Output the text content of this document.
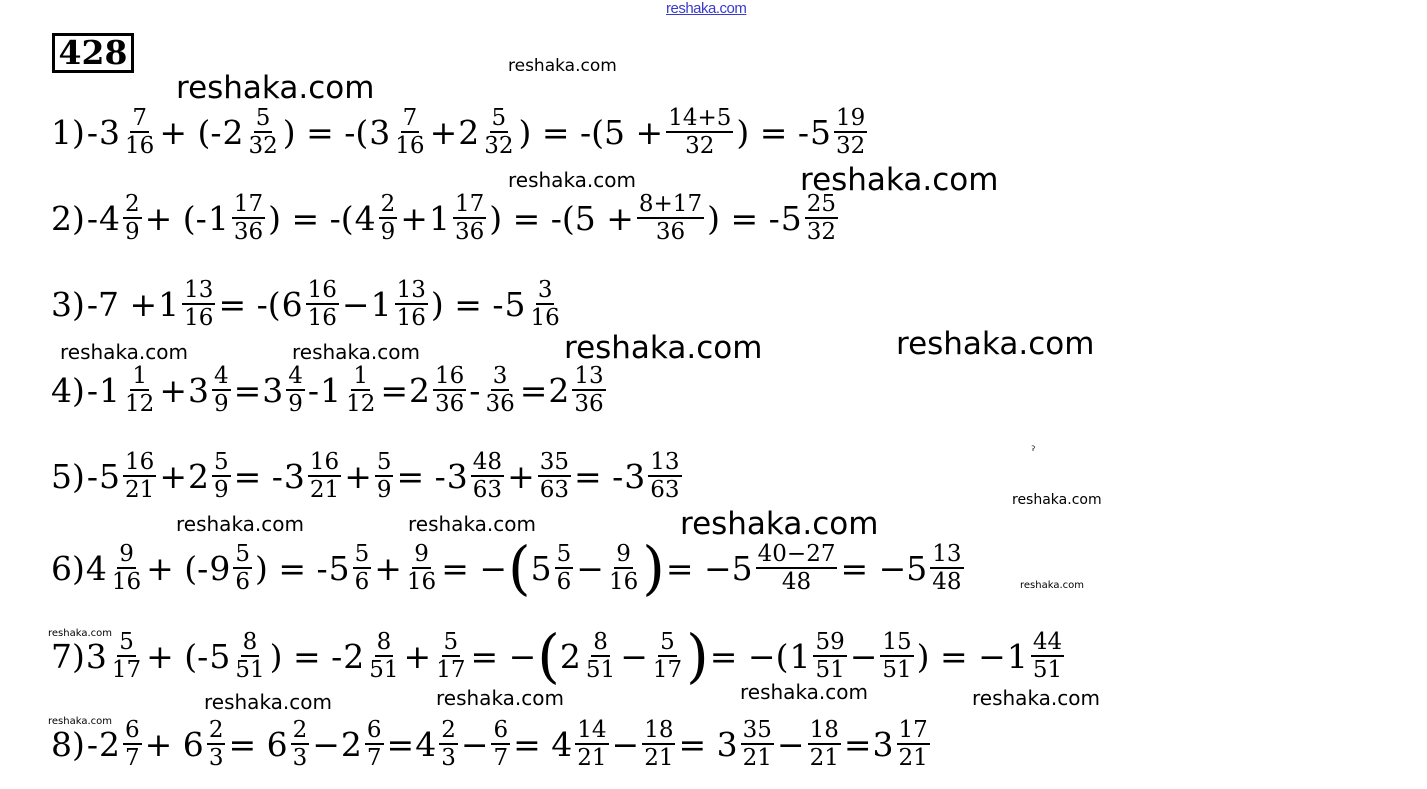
reshaka.com
428
reshaka.com
reshaka.com
reshaka.com	reshaka.com
reshaka.com	reshaka.com	reshaka.com	reshaka.com
reshaka.com
reshaka.com	reshaka.com	reshaka.com
reshaka.com
reshaka.com
reshaka.com	reshaka.com	reshaka.com	reshaka.com
reshaka.com
ˀ
$1) - 3 \frac{7}{16}$ + (- $2 \frac{5}{32}$ ) = -( $3 \frac{7}{16} + 2 \frac{5}{32}$ ) = $-(5 + \frac{14+5}{32}$ ) = - $5 \frac{19}{32}$
$2) - 4 \frac{2}{9}$ + (- $1 \frac{17}{36}$ ) = -( $4 \frac{2}{9} + 1 \frac{17}{36}$ ) = $-(5 + \frac{8+17}{36}$ ) = - $5 \frac{25}{32}$
3) $-7 + 1 \frac{13}{16}$ = -( $6 \frac{16}{16} - 1 \frac{13}{16}$ ) = - $5 \frac{3}{16}$
$4) - 1 \frac{1}{12} + 3 \frac{4}{9} = 3 \frac{4}{9} - 1 \frac{1}{12} = 2 \frac{16}{36} - \frac{3}{36} = 2 \frac{13}{36}$
$5) - 5 \frac{16}{21} + 2 \frac{5}{9}$ = - $3 \frac{16}{21} + \frac{5}{9}$ = - $3 \frac{48}{63} + \frac{35}{63}$ = - $3 \frac{13}{63}$
6) $4 \frac{9}{16}$ + (- $9 \frac{5}{6}$ ) = - $5 \frac{5}{6} + \frac{9}{16}$ = − ( $5 \frac{5}{6} - \frac{9}{16}$ ) = $-5 \frac{40-27}{48} = -5 \frac{13}{48}$
7) $3 \frac{5}{17}$ + (- $5 \frac{8}{51}$ ) = - $2 \frac{8}{51} + \frac{5}{17}$ = − ( $2 \frac{8}{51} - \frac{5}{17}$ ) = −( $1 \frac{59}{51} - \frac{15}{51}$ ) = − $1 \frac{44}{51}$
$8) - 2 \frac{6}{7} + 6 \frac{2}{3} = 6 \frac{2}{3} - 2 \frac{6}{7} = 4 \frac{2}{3} - \frac{6}{7} = 4 \frac{14}{21} - \frac{18}{21} = 3 \frac{35}{21} - \frac{18}{21} = 3 \frac{17}{21}$
